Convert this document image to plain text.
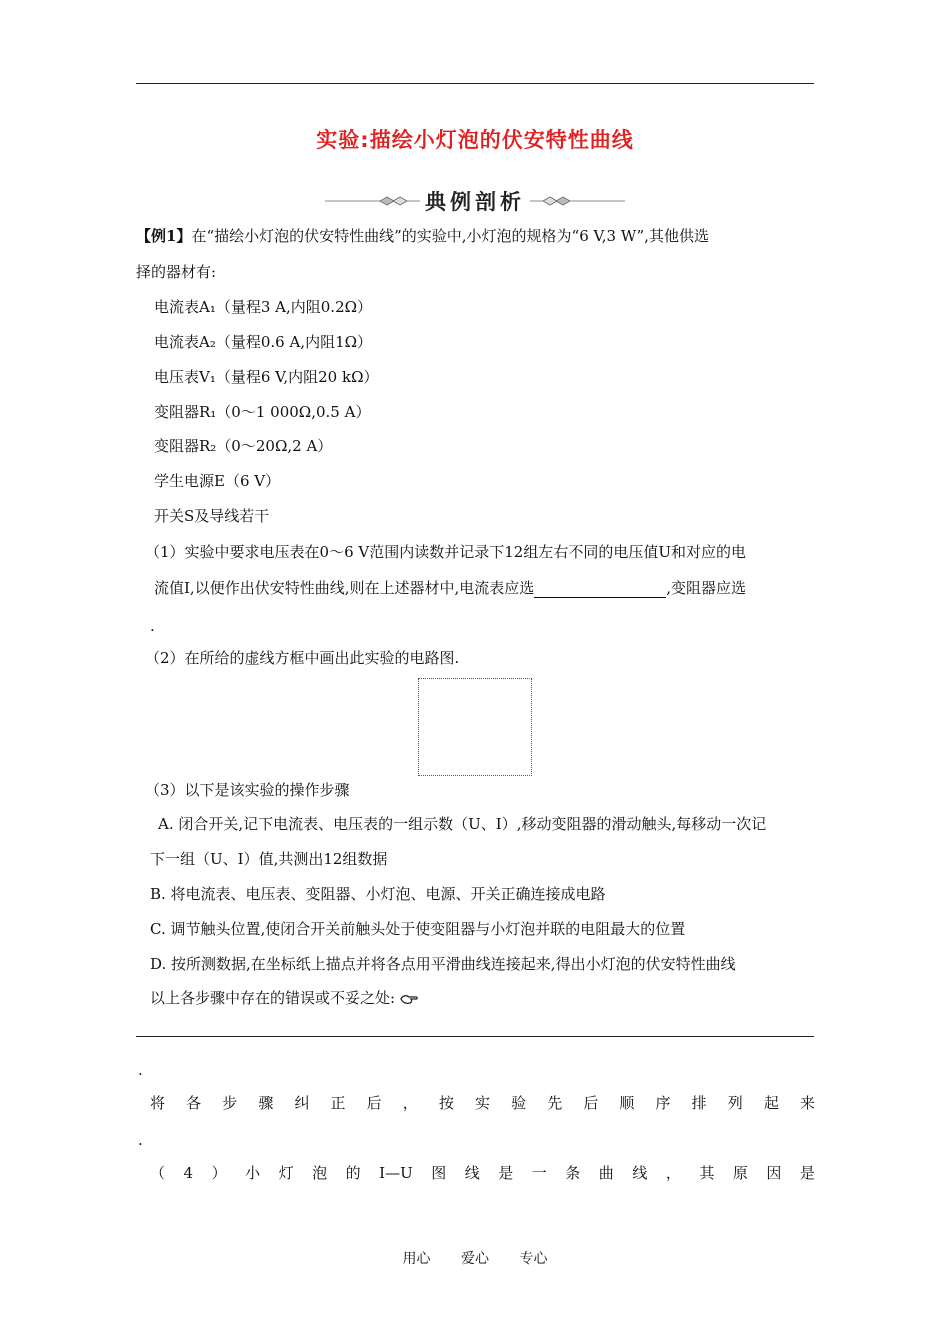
实验:描绘小灯泡的伏安特性曲线
典例剖析
【例1】在“描绘小灯泡的伏安特性曲线”的实验中,小灯泡的规格为“6 V,3 W”,其他供选
择的器材有:
电流表A₁（量程3 A,内阻0.2Ω）
电流表A₂（量程0.6 A,内阻1Ω）
电压表V₁（量程6 V,内阻20 kΩ）
变阻器R₁（0～1 000Ω,0.5 A）
变阻器R₂（0～20Ω,2 A）
学生电源E（6 V）
开关S及导线若干
（1）实验中要求电压表在0～6 V范围内读数并记录下12组左右不同的电压值U和对应的电
流值I,以便作出伏安特性曲线,则在上述器材中,电流表应选	,变阻器应选
.
（2）在所给的虚线方框中画出此实验的电路图.
（3）以下是该实验的操作步骤
A. 闭合开关,记下电流表、电压表的一组示数（U、I）,移动变阻器的滑动触头,每移动一次记
下一组（U、I）值,共测出12组数据
B. 将电流表、电压表、变阻器、小灯泡、电源、开关正确连接成电路
C. 调节触头位置,使闭合开关前触头处于使变阻器与小灯泡并联的电阻最大的位置
D. 按所测数据,在坐标纸上描点并将各点用平滑曲线连接起来,得出小灯泡的伏安特性曲线
以上各步骤中存在的错误或不妥之处:
.
将 各 步 骤 纠 正 后 ， 按 实 验 先 后 顺 序 排 列 起 来
.
（ 4 ） 小 灯 泡 的 I—U 图 线 是 一 条 曲 线 ， 其 原 因 是
用心 爱心 专心
